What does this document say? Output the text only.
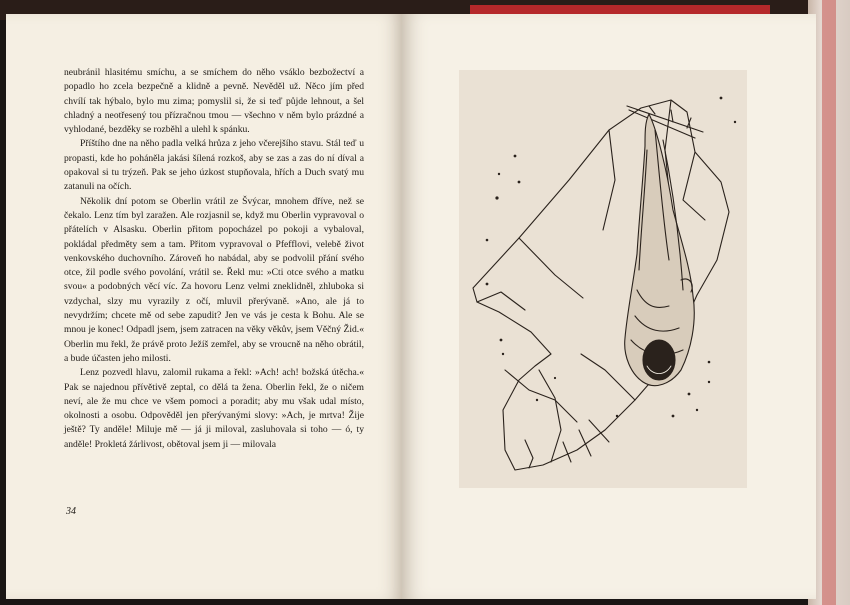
neubránil hlasitému smíchu, a se smíchem do něho vsáklo bezbožectví a popadlo ho zcela bezpečně a klidně a pevně. Nevěděl už. Něco jím před chvílí tak hýbalo, bylo mu zima; pomyslil si, že si teď půjde lehnout, a šel chladný a neotřesený tou přízračnou tmou — všechno v něm bylo prázdné a vyhlodané, bezděky se rozběhl a ulehl k spánku.

Příštího dne na něho padla velká hrůza z jeho včerejšího stavu. Stál teď u propasti, kde ho poháněla jakási šílená rozkoš, aby se zas a zas do ní díval a opakoval si tu trýzeň. Pak se jeho úzkost stupňovala, hřích a Duch svatý mu zatanuli na očích.

Několik dní potom se Oberlin vrátil ze Švýcar, mnohem dříve, než se čekalo. Lenz tím byl zaražen. Ale rozjasnil se, když mu Oberlin vypravoval o přátelích v Alsasku. Oberlin přitom popocházel po pokoji a vybaloval, pokládal předměty sem a tam. Přitom vypravoval o Pfefflovi, velebě život venkovského duchovního. Zároveň ho nabádal, aby se podvolil přání svého otce, žil podle svého povolání, vrátil se. Řekl mu: »Cti otce svého a matku svou« a podobných věcí víc. Za hovoru Lenz velmi zneklidněl, zhluboka si vzdychal, slzy mu vyrazily z očí, mluvil přerývaně. »Ano, ale já to nevydržím; chcete mě od sebe zapudit? Jen ve vás je cesta k Bohu. Ale se mnou je konec! Odpadl jsem, jsem zatracen na věky věkův, jsem Věčný Žid.« Oberlin mu řekl, že právě proto Ježíš zemřel, aby se vroucně na něho obrátil, a bude účasten jeho milosti.

Lenz pozvedl hlavu, zalomil rukama a řekl: »Ach! ach! božská útěcha.« Pak se najednou přívětivě zeptal, co dělá ta žena. Oberlin řekl, že o ničem neví, ale že mu chce ve všem pomoci a poradit; aby mu však udal místo, okolnosti a osobu. Odpověděl jen přerývanými slovy: »Ach, je mrtva! Žije ještě? Ty anděle! Miluje mě — já ji miloval, zasluhovala si toho — ó, ty anděle! Prokletá žárlivost, obětoval jsem ji — milovala

34
